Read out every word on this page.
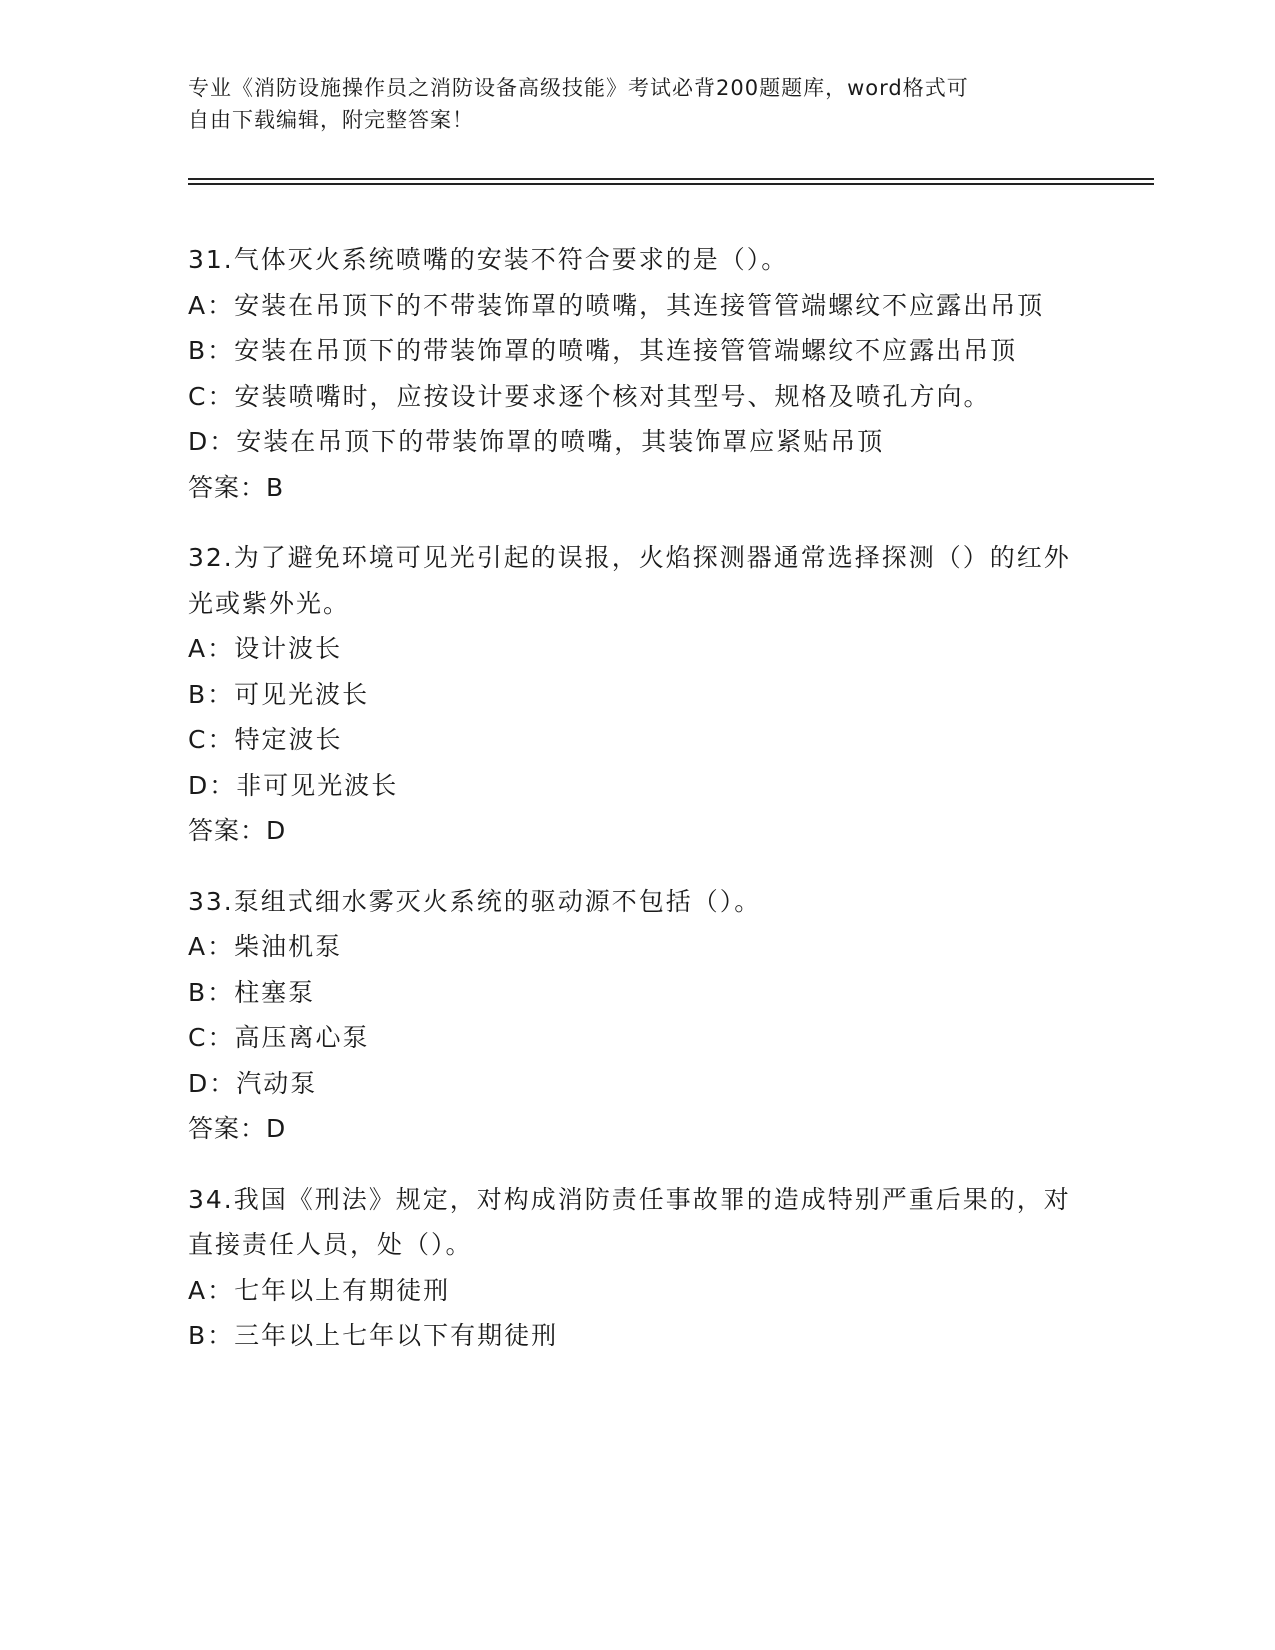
专业《消防设施操作员之消防设备高级技能》考试必背200题题库，word格式可
自由下载编辑，附完整答案！
31.气体灭火系统喷嘴的安装不符合要求的是（）。
A：安装在吊顶下的不带装饰罩的喷嘴，其连接管管端螺纹不应露出吊顶
B：安装在吊顶下的带装饰罩的喷嘴，其连接管管端螺纹不应露出吊顶
C：安装喷嘴时，应按设计要求逐个核对其型号、规格及喷孔方向。
D：安装在吊顶下的带装饰罩的喷嘴，其装饰罩应紧贴吊顶
答案：B
32.为了避免环境可见光引起的误报，火焰探测器通常选择探测（）的红外光或紫外光。
A：设计波长
B：可见光波长
C：特定波长
D：非可见光波长
答案：D
33.泵组式细水雾灭火系统的驱动源不包括（）。
A：柴油机泵
B：柱塞泵
C：高压离心泵
D：汽动泵
答案：D
34.我国《刑法》规定，对构成消防责任事故罪的造成特别严重后果的，对直接责任人员，处（）。
A：七年以上有期徒刑
B：三年以上七年以下有期徒刑
